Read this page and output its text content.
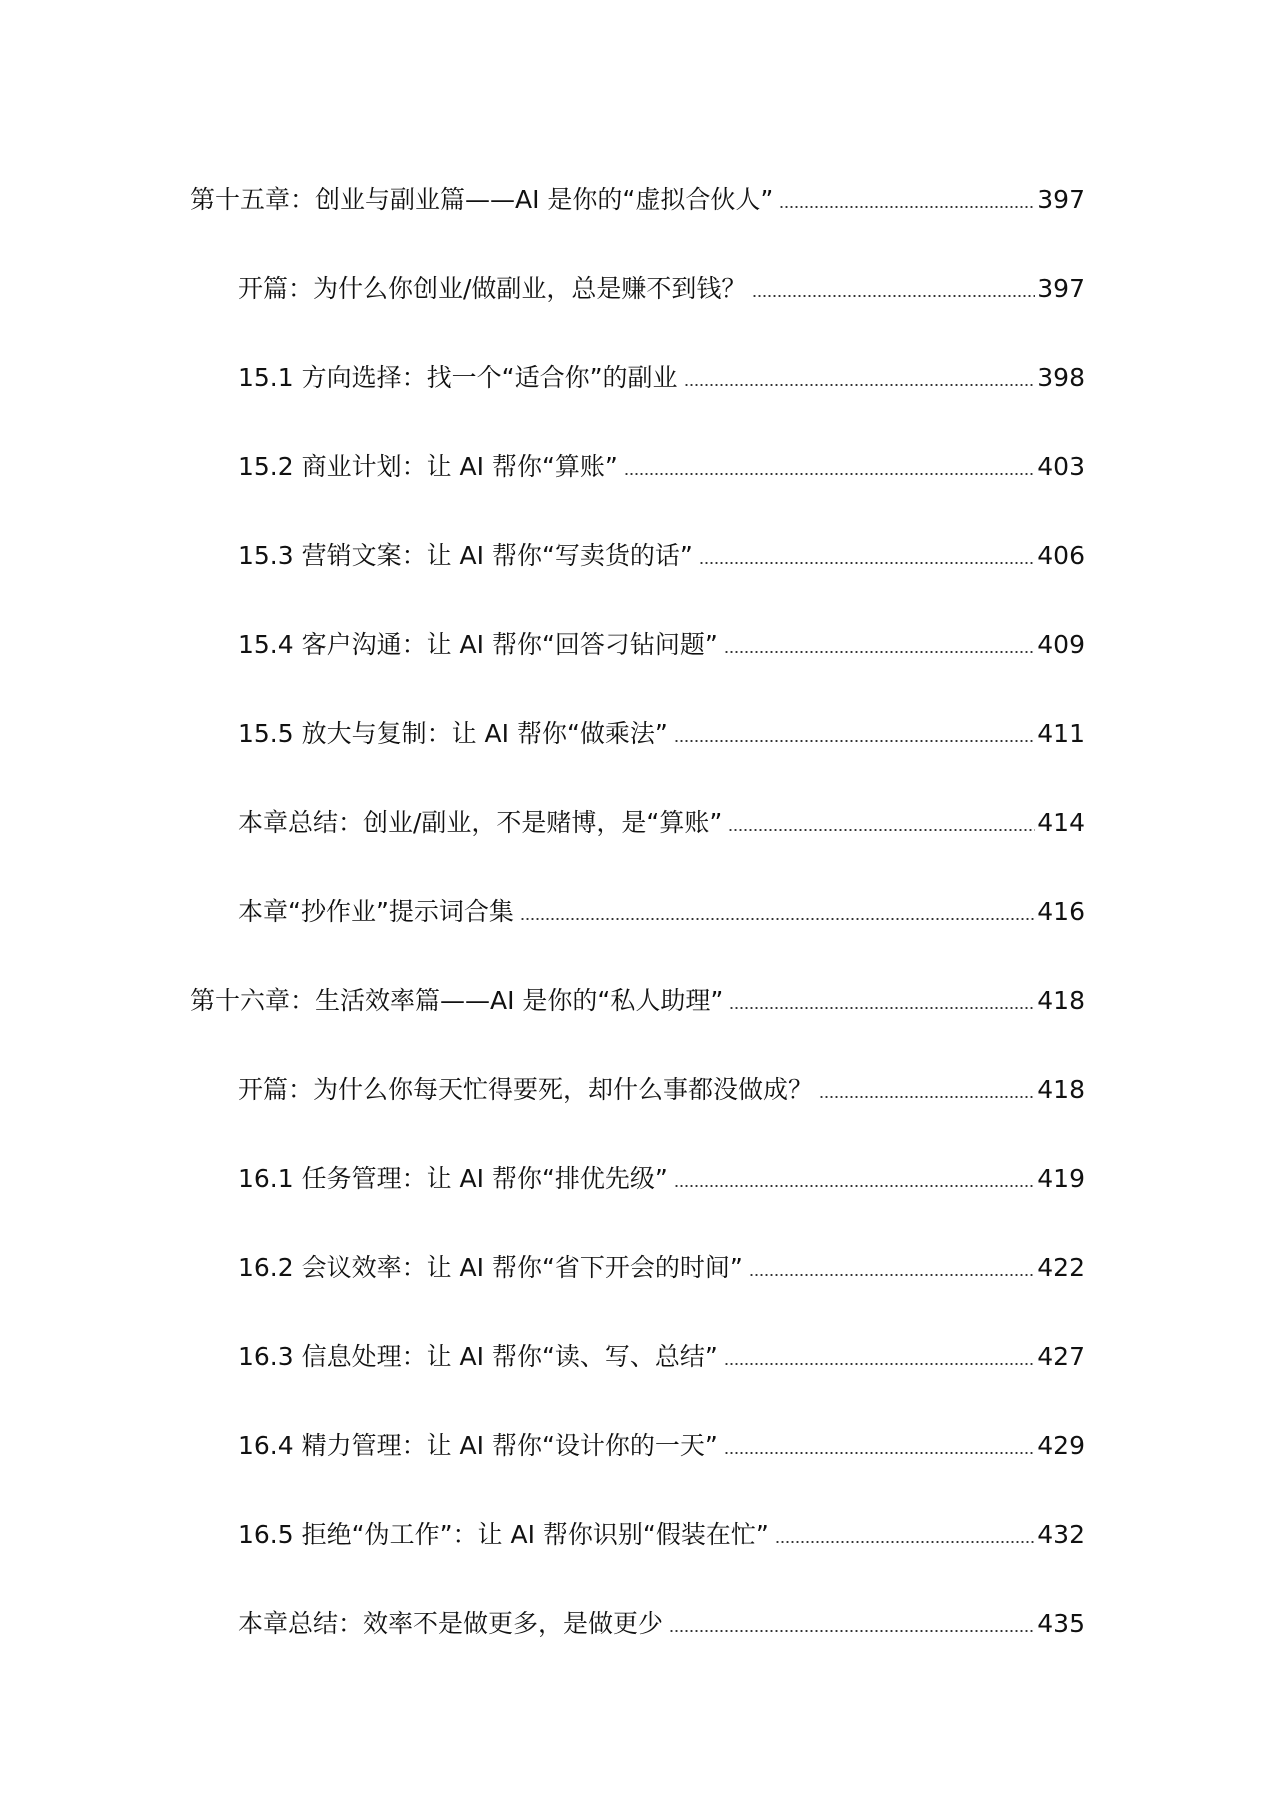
第十五章：创业与副业篇——AI 是你的“虚拟合伙人”	397
开篇：为什么你创业/做副业，总是赚不到钱？	397
15.1 方向选择：找一个“适合你”的副业	398
15.2 商业计划：让 AI 帮你“算账”	403
15.3 营销文案：让 AI 帮你“写卖货的话”	406
15.4 客户沟通：让 AI 帮你“回答刁钻问题”	409
15.5 放大与复制：让 AI 帮你“做乘法”	411
本章总结：创业/副业，不是赌博，是“算账”	414
本章“抄作业”提示词合集	416
第十六章：生活效率篇——AI 是你的“私人助理”	418
开篇：为什么你每天忙得要死，却什么事都没做成？	418
16.1 任务管理：让 AI 帮你“排优先级”	419
16.2 会议效率：让 AI 帮你“省下开会的时间”	422
16.3 信息处理：让 AI 帮你“读、写、总结”	427
16.4 精力管理：让 AI 帮你“设计你的一天”	429
16.5 拒绝“伪工作”：让 AI 帮你识别“假装在忙”	432
本章总结：效率不是做更多，是做更少	435
